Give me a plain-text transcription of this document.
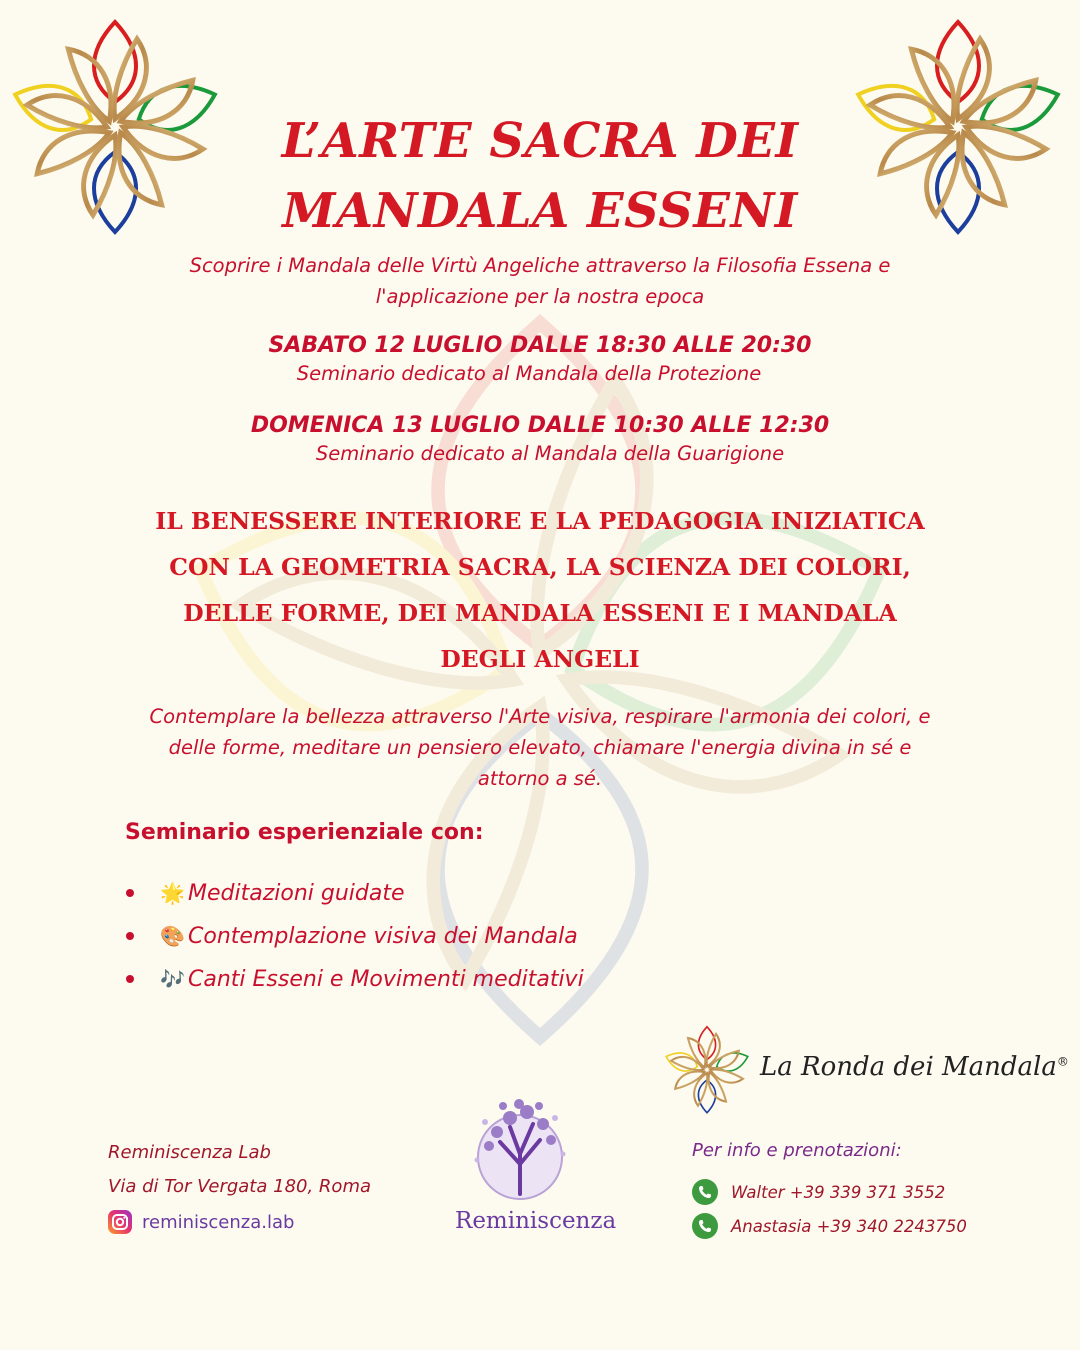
L’ARTE SACRA DEI
MANDALA ESSENI
Scoprire i Mandala delle Virtù Angeliche attraverso la Filosofia Essena e
l'applicazione per la nostra epoca
SABATO 12 LUGLIO DALLE 18:30 ALLE 20:30
Seminario dedicato al Mandala della Protezione
DOMENICA 13 LUGLIO DALLE 10:30 ALLE 12:30
Seminario dedicato al Mandala della Guarigione
IL BENESSERE INTERIORE E LA PEDAGOGIA INIZIATICA
CON LA GEOMETRIA SACRA, LA SCIENZA DEI COLORI,
DELLE FORME, DEI MANDALA ESSENI E I MANDALA
DEGLI ANGELI
Contemplare la bellezza attraverso l'Arte visiva, respirare l'armonia dei colori, e
delle forme, meditare un pensiero elevato, chiamare l'energia divina in sé e
attorno a sé.
Seminario esperienziale con:
🌟 Meditazioni guidate
🎨 Contemplazione visiva dei Mandala
🎶 Canti Esseni e Movimenti meditativi
La Ronda dei Mandala®
Reminiscenza Lab
Via di Tor Vergata 180, Roma
reminiscenza.lab	Reminiscenza
Per info e prenotazioni:
Walter +39 339 371 3552
Anastasia +39 340 2243750
